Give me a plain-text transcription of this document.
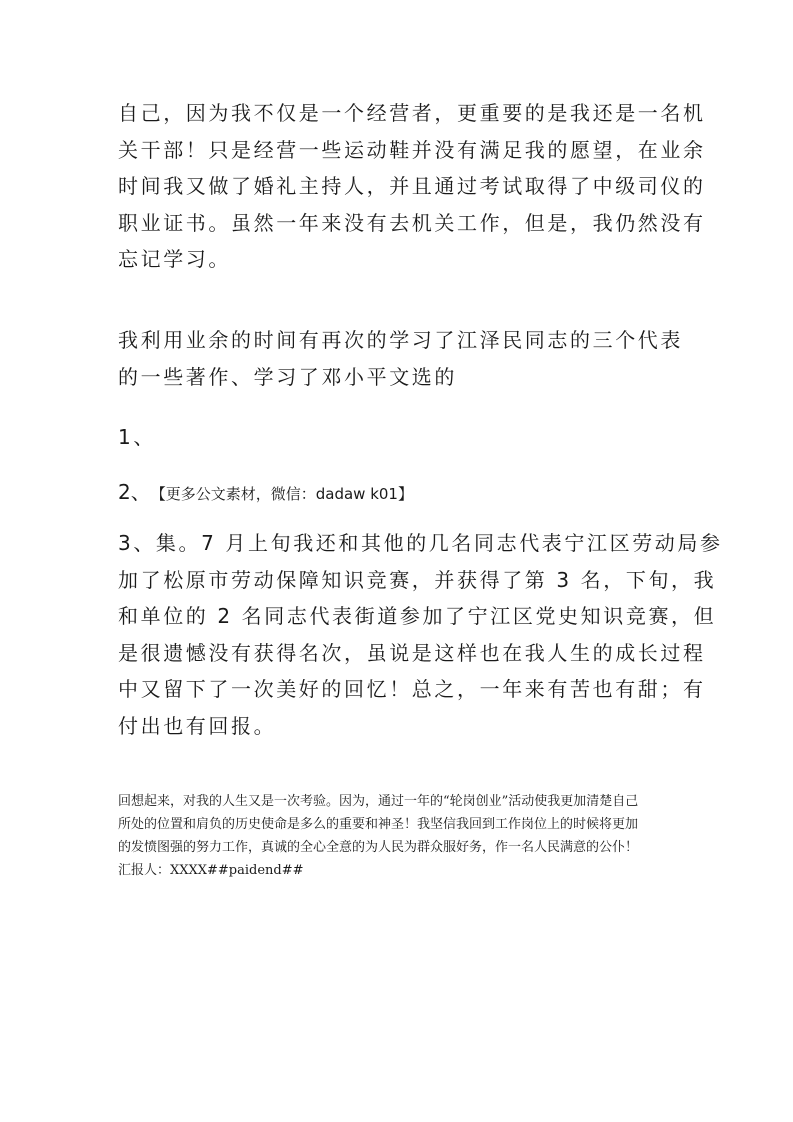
自己，因为我不仅是一个经营者，更重要的是我还是一名机
关干部！只是经营一些运动鞋并没有满足我的愿望，在业余
时间我又做了婚礼主持人，并且通过考试取得了中级司仪的
职业证书。虽然一年来没有去机关工作，但是，我仍然没有
忘记学习。

我利用业余的时间有再次的学习了江泽民同志的三个代表
的一些著作、学习了邓小平文选的

1、

2、 【更多公文素材，微信：dadaw k01】

3、集。7 月上旬我还和其他的几名同志代表宁江区劳动局参
加了松原市劳动保障知识竞赛，并获得了第 3 名，下旬，我
和单位的 2 名同志代表街道参加了宁江区党史知识竞赛，但
是很遗憾没有获得名次，虽说是这样也在我人生的成长过程
中又留下了一次美好的回忆！总之，一年来有苦也有甜；有
付出也有回报。

回想起来，对我的人生又是一次考验。因为，通过一年的“轮岗创业”活动使我更加清楚自己
所处的位置和肩负的历史使命是多么的重要和神圣！我坚信我回到工作岗位上的时候将更加
的发愤图强的努力工作，真诚的全心全意的为人民为群众服好务，作一名人民满意的公仆！
汇报人：XXXX##paidend##
